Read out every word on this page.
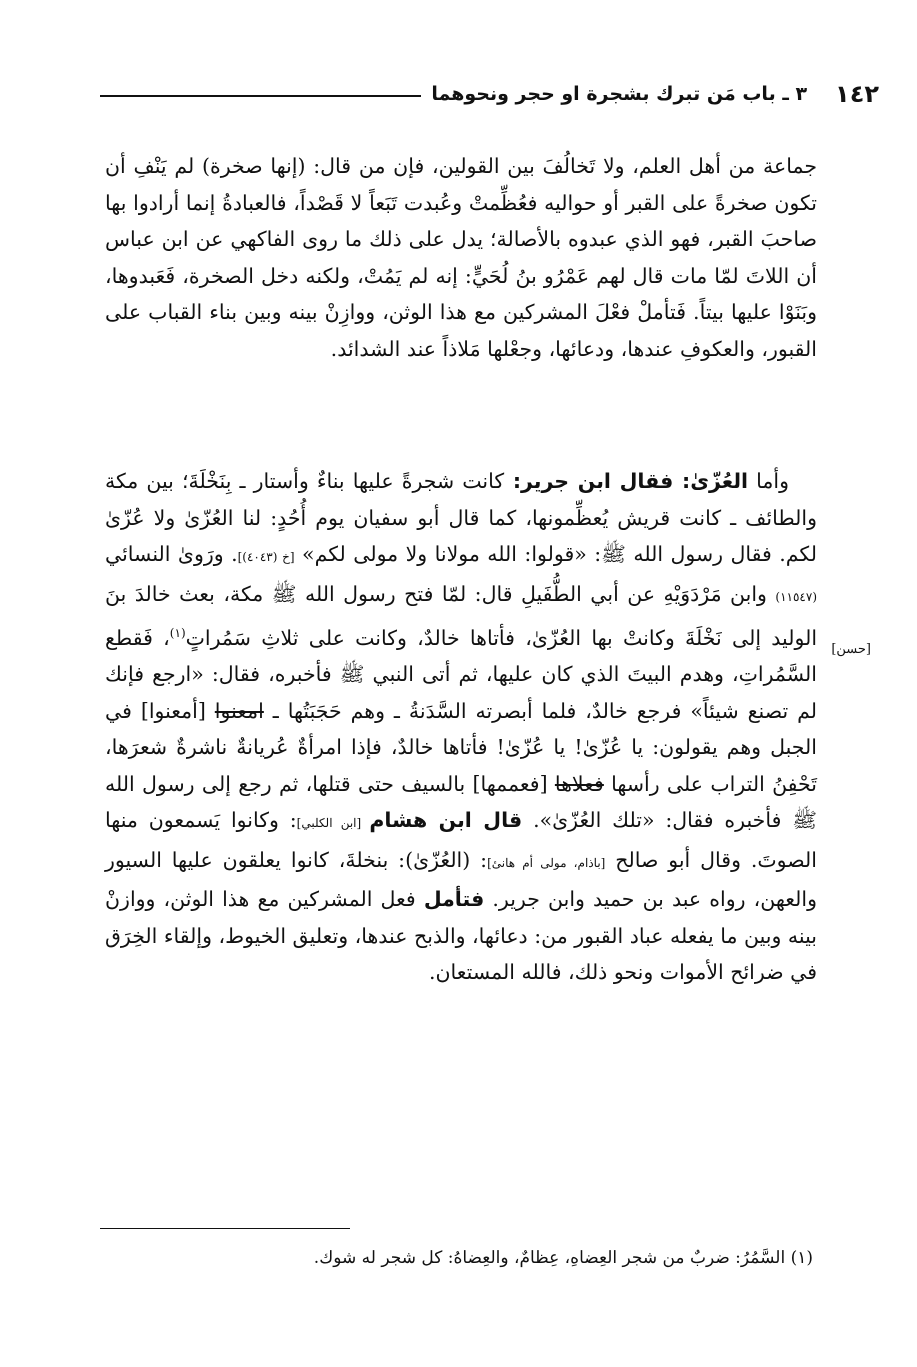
١٤٢
٣ ـ باب مَن تبرك بشجرة او حجر ونحوهما
جماعة من أهل العلم، ولا تَخالُفَ بين القولين، فإن من قال: (إنها صخرة) لم يَنْفِ أن تكون صخرةً على القبر أو حواليه فعُظِّمتْ وعُبدت تَبَعاً لا قَصْداً، فالعبادةُ إنما أرادوا بها صاحبَ القبر، فهو الذي عبدوه بالأصالة؛ يدل على ذلك ما روى الفاكهي عن ابن عباس أن اللاتَ لمّا مات قال لهم عَمْرُو بنُ لُحَيٍّ: إنه لم يَمُتْ، ولكنه دخل الصخرة، فَعَبدوها، وبَنَوْا عليها بيتاً. فَتأملْ فعْلَ المشركين مع هذا الوثن، ووازِنْ بينه وبين بناء القباب على القبور، والعكوفِ عندها، ودعائها، وجعْلها مَلاذاً عند الشدائد.
وأما العُزّىٰ: فقال ابن جرير: كانت شجرةً عليها بناءٌ وأستار ـ بِنَخْلَةَ؛ بين مكة والطائف ـ كانت قريش يُعظِّمونها، كما قال أبو سفيان يوم أُحُدٍ: لنا العُزّىٰ ولا عُزّىٰ لكم. فقال رسول الله ﷺ: «قولوا: الله مولانا ولا مولى لكم» [خ (٤٠٤٣)]. ورَوىٰ النسائي (١١٥٤٧) وابن مَرْدَوَيْهِ عن أبي الطُّفَيلِ قال: لمّا فتح رسول الله ﷺ مكة، بعث خالدَ بنَ الوليد إلى نَخْلَةَ وكانتْ بها العُزّىٰ، فأتاها خالدٌ، وكانت على ثلاثِ سَمُراتٍ$^{(١)}$، فَقطع السَّمُراتِ، وهدم البيتَ الذي كان عليها، ثم أتى النبي ﷺ فأخبره، فقال: «ارجع فإنك لم تصنع شيئاً» فرجع خالدٌ، فلما أبصرته السَّدَنةُ ـ وهم حَجَبَتُها ـ امعنوا [أمعنوا] في الجبل وهم يقولون: يا عُزّىٰ! يا عُزّىٰ! فأتاها خالدٌ، فإذا امرأةٌ عُريانةٌ ناشرةٌ شعرَها، تَحْفِنُ التراب على رأسها فعلاها [فعممها] بالسيف حتى قتلها، ثم رجع إلى رسول الله ﷺ فأخبره فقال: «تلك العُزّىٰ». قال ابن هشام [ابن الكلبي]: وكانوا يَسمعون منها الصوتَ. وقال أبو صالح [باذام، مولى أم هانئ]: (العُزّىٰ): بنخلةَ، كانوا يعلقون عليها السيور والعهن، رواه عبد بن حميد وابن جرير. فتأمل فعل المشركين مع هذا الوثن، ووازنْ بينه وبين ما يفعله عباد القبور من: دعائها، والذبح عندها، وتعليق الخيوط، وإلقاء الخِرَق في ضرائح الأموات ونحو ذلك، فالله المستعان.
[حسن]
(١) السَّمُرُ: ضربٌ من شجر العِضاهِ، عِظامٌ، والعِضاهُ: كل شجر له شوك.
